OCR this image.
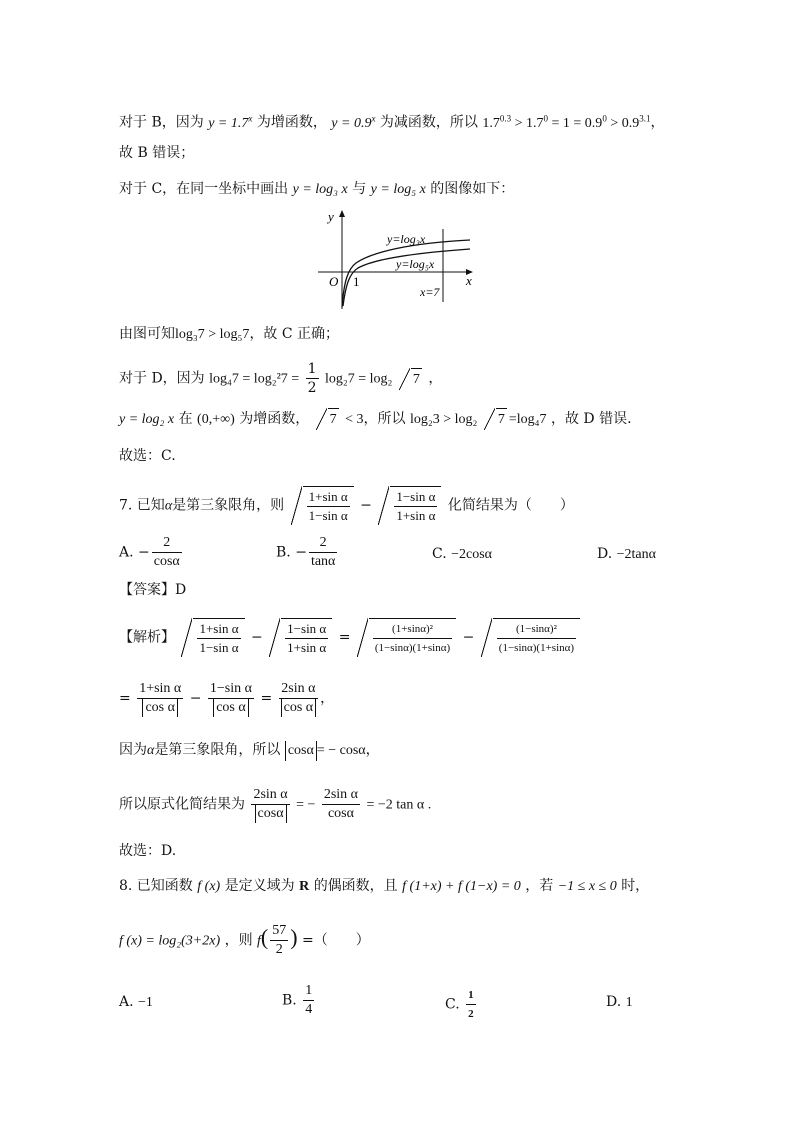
对于 B，因为 $y = 1.7^x$ 为增函数， $y = 0.9^x$ 为减函数，所以 $1.7^{0.3} > 1.7^0 = 1 = 0.9^0 > 0.9^{3.1}$，
故 B 错误；
对于 C，在同一坐标中画出 y = log₃ x 与 y = log₅ x 的图像如下：
y
x
O 1
y=log₃x
y=log₅x
x=7
由图可知log₃7 > log₅7，故 C 正确；
对于 D，因为 $\log_47 = \log_2^27 = \frac{1}{2} \log_27 = \log_2$ 7 ，
y = log₂ x 在 (0,+∞) 为增函数， 7 < 3，所以 log₂3 > log₂ 7 =log₄7 ，故 D 错误.
故选：C.
7. 已知α是第三象限角，则 $\frac{\text{1+sin α}}{\text{1−sin α}} - \frac{\text{1−sin α}}{\text{1+sin α}}$ 化简结果为（　　）
A. − $\frac{2}{\cos\alpha}$	B. − $\frac{2}{\tan\alpha}$	C. −2cosα	D. −2tanα
【答案】D
【解析】 $\frac{\text{1+sin α}}{\text{1−sin α}} - \frac{\text{1−sin α}}{\text{1+sin α}} = \frac{\text{(1+sinα)²}}{(1-\sin\alpha)(1+\sin\alpha)} - \frac{\text{(1−sinα)²}}{(1-\sin\alpha)(1+\sin\alpha)}$
= $\frac{\text{1+sin α}}{\text{cos α}} - \frac{\text{1−sin α}}{\text{cos α}} = \frac{\text{2sin α}}{\text{cos α}}$ ，
因为α是第三象限角，所以 cosα = − cosα，
所以原式化简结果为 $\frac{\text{2sin α}}{\cos\alpha}$ = − $\frac{\text{2sin α}}{\cos\alpha} = -2$ tan α .
故选：D.
8. 已知函数 f (x) 是定义域为 R 的偶函数，且 f (1+x) + f (1−x) = 0 ，若 −1 ≤ x ≤ 0 时，
f (x) = log₂(3+2x) ，则 $f( \frac{57}{2}$ ) =（　　）
A. −1	B. $\frac{1}{4}$	C. $\frac{1}{2}$	D. 1
